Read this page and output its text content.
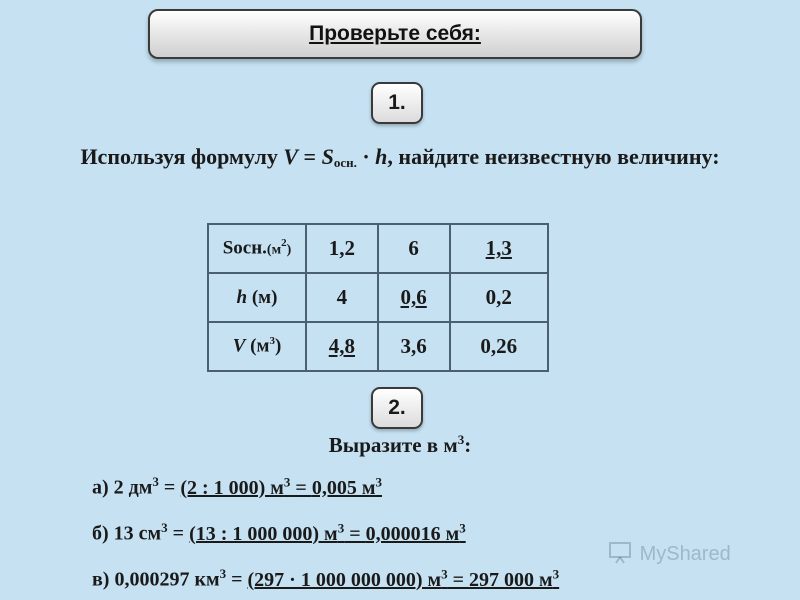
Проверьте себя:
1.
Используя формулу $V = S_{осн.} \cdot h$, найдите неизвестную величину:
$Sосн.(м^2)$	1,2	6	1,3
h (м)	4	0,6	0,2
V $(м^3)$	4,8	3,6	0,26
2.
Выразите в $м^3$:
а) 2 $дм^3 = (2$ : 1 000) $м^3 = 0,005$ $м^3$
б) 13 $см^3 = (13$ : 1 000 000) $м^3 = 0,000016$ $м^3$
в) 0,000297 $км^3 = (297 \cdot 1$ 000 000 000) $м^3 = 297$ 000 $м^3$
MyShared
